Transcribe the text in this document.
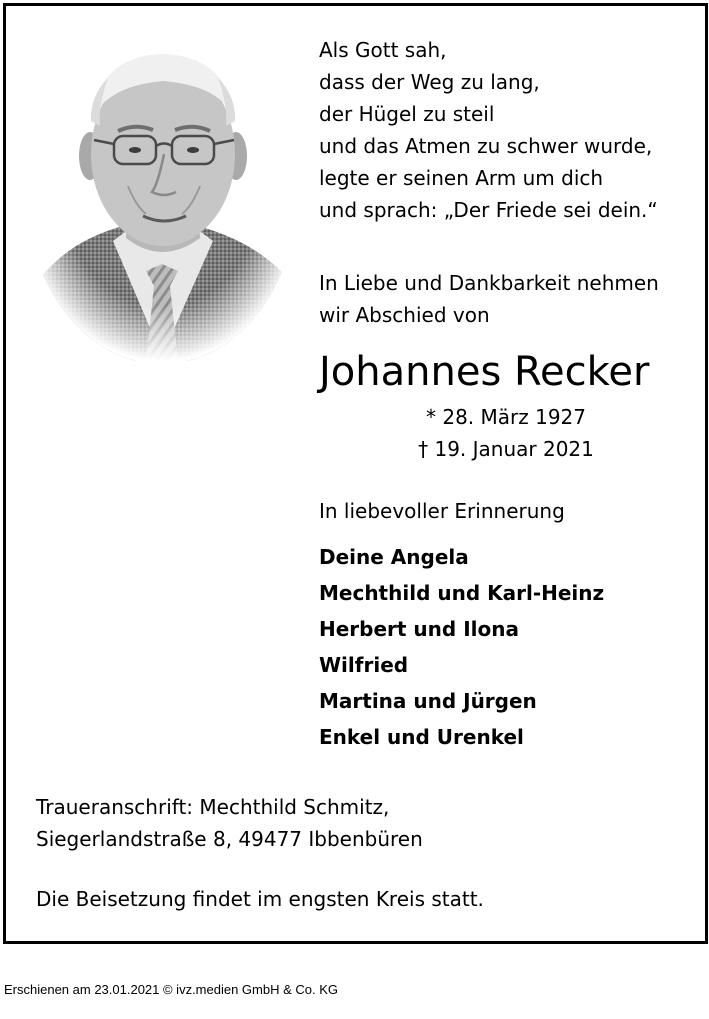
Als Gott sah,
dass der Weg zu lang,
der Hügel zu steil
und das Atmen zu schwer wurde,
legte er seinen Arm um dich
und sprach: „Der Friede sei dein.“
In Liebe und Dankbarkeit nehmen
wir Abschied von
Johannes Recker
* 28. März 1927
† 19. Januar 2021
In liebevoller Erinnerung
Deine Angela
Mechthild und Karl-Heinz
Herbert und Ilona
Wilfried
Martina und Jürgen
Enkel und Urenkel
Traueranschrift: Mechthild Schmitz,
Siegerlandstraße 8, 49477 Ibbenbüren
Die Beisetzung findet im engsten Kreis statt.
Erschienen am 23.01.2021 © ivz.medien GmbH & Co. KG
